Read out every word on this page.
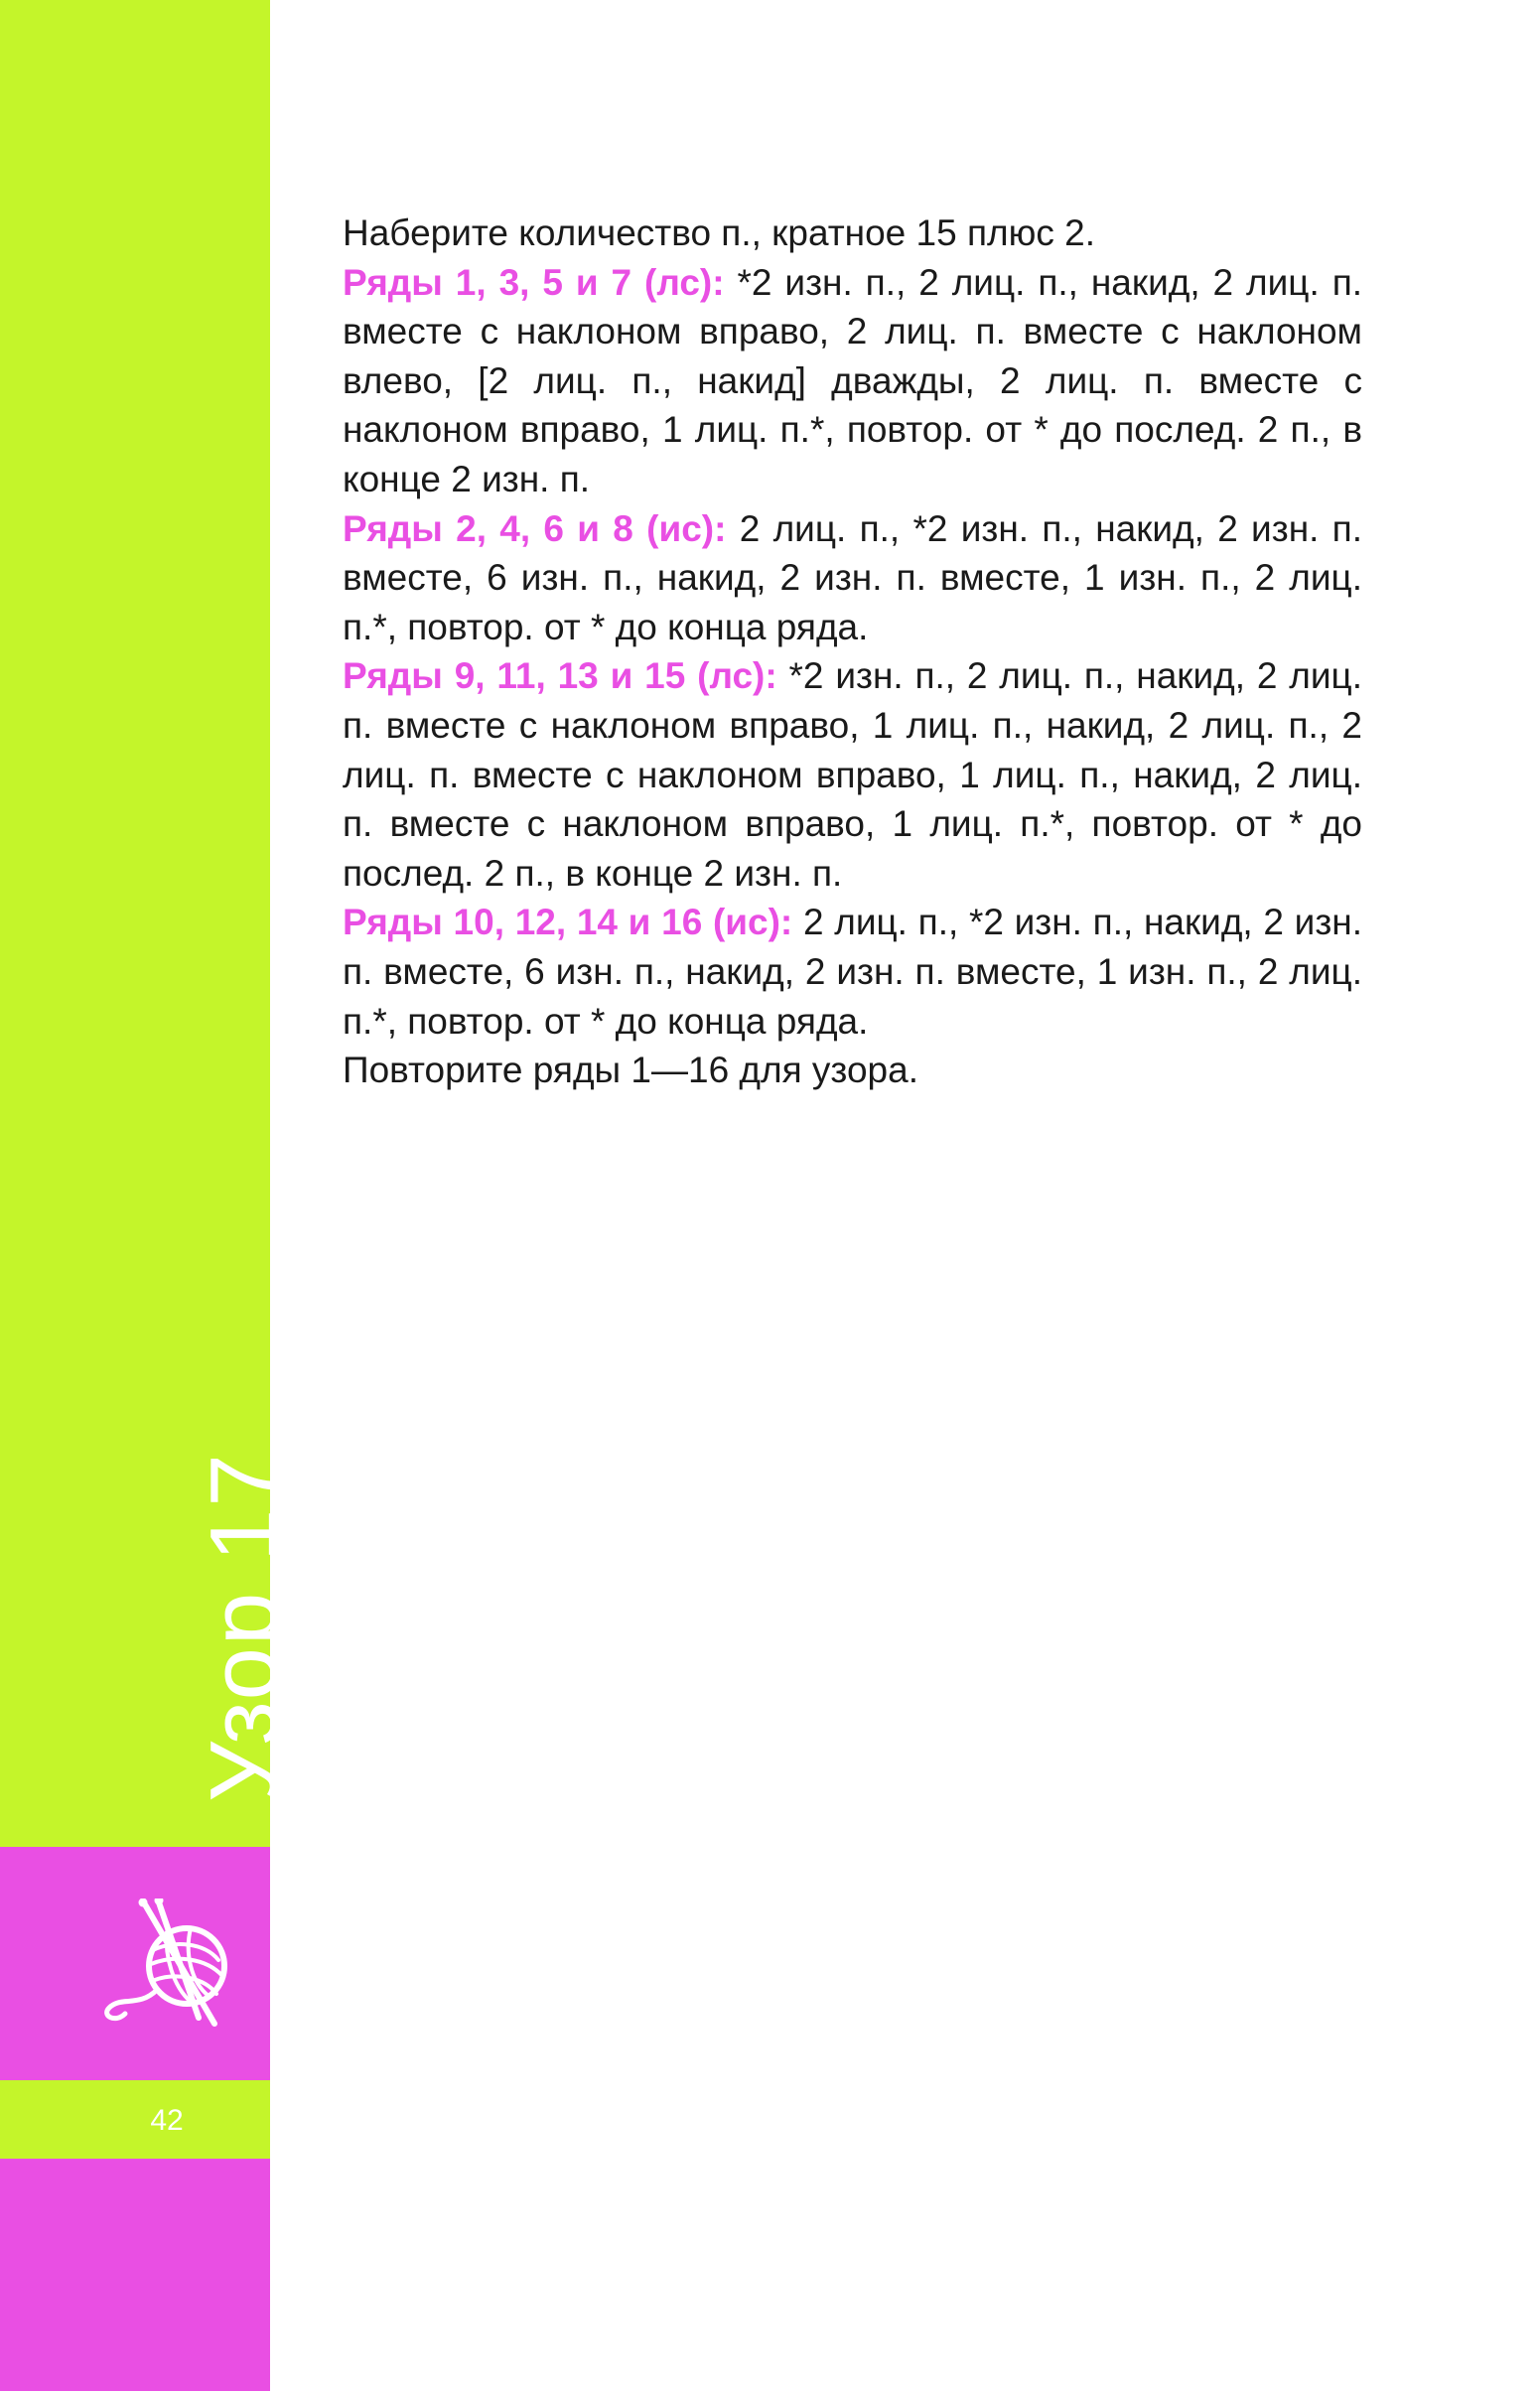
Узор 17
42

Наберите количество п., кратное 15 плюс 2.

Ряды 1, 3, 5 и 7 (лс): *2 изн. п., 2 лиц. п., накид, 2 лиц. п. вместе с наклоном вправо, 2 лиц. п. вместе с наклоном влево, [2 лиц. п., накид] дважды, 2 лиц. п. вместе с наклоном вправо, 1 лиц. п.*, повтор. от * до послед. 2 п., в конце 2 изн. п.

Ряды 2, 4, 6 и 8 (ис): 2 лиц. п., *2 изн. п., накид, 2 изн. п. вместе, 6 изн. п., накид, 2 изн. п. вместе, 1 изн. п., 2 лиц. п.*, повтор. от * до конца ряда.

Ряды 9, 11, 13 и 15 (лс): *2 изн. п., 2 лиц. п., накид, 2 лиц. п. вместе с наклоном вправо, 1 лиц. п., накид, 2 лиц. п., 2 лиц. п. вместе с наклоном вправо, 1 лиц. п., накид, 2 лиц. п. вместе с наклоном вправо, 1 лиц. п.*, повтор. от * до послед. 2 п., в конце 2 изн. п.

Ряды 10, 12, 14 и 16 (ис): 2 лиц. п., *2 изн. п., накид, 2 изн. п. вместе, 6 изн. п., накид, 2 изн. п. вместе, 1 изн. п., 2 лиц. п.*, повтор. от * до конца ряда.

Повторите ряды 1—16 для узора.
